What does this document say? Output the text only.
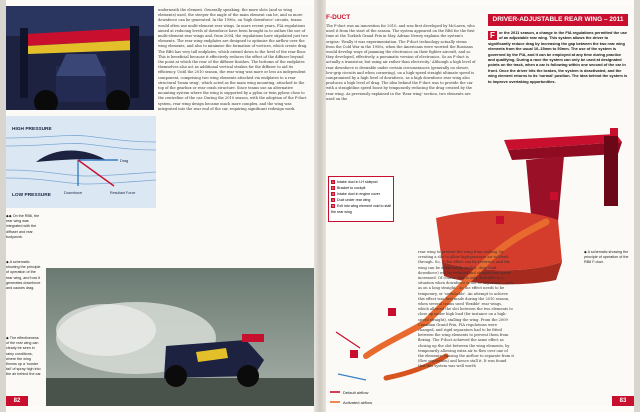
underneath the element. Generally speaking, the more slots (and so wing elements) used, the steeper the angle of the main element can be, and so more downforce can be generated. In the 1990s, on 'high downforce' circuits, teams would often use multi-element rear wings. In more recent years, FIA regulations aimed at reducing levels of downforce have been brought in to outlaw the use of multi-element rear wings and, from 2004, the regulations have stipulated just two elements. The rear wing endplates are designed to optimise the airflow over the wing elements, and also to minimise the formation of vortices, which create drag. The RB6 has very tall endplates, which extend down to the level of the rear floor. This is beneficial because it effectively reduces the effect of the diffuser beyond the point at which the rear of the diffuser finishes. The bottoms of the endplates themselves also act as additional vertical strakes for the diffuser to aid its efficiency. Until the 2010 season, the rear wing was more or less an independent component, comprising two wing elements attached via endplates to a rear structural 'beam wing', which acted as the main wing mounting, attached to the top of the gearbox or rear crash structure. Since teams use an alternative mounting system where the wing is supported by a pylon or twin pylons close to the centreline of the car. During the 2010 season, with the adoption of the F-duct system, rear wing design became much more complex, and the wing was integrated into the rear end of the car, requiring significant redesign work.
HIGH PRESSURE
LOW PRESSURE
Drag
Downforce	Resultant Force
◆◆ On the RB6, the rear wing was integrated with the diffuser and rear bodywork.
◆ A schematic showing the principle of operation of the rear wing, and how it generates downforce and causes drag.
◆ The effectiveness of the rear wing can clearly be seen in rainy conditions, where the wing throws up a 'rooster tail' of spray high into the air behind the car.
82
F-DUCT
The F-duct was an innovation for 2010, and was first developed by McLaren, who used it from the start of the season. The system appeared on the RB6 for the first time at the Turkish Grand Prix in May. Adrian Newey explains the system's origins: 'Really it was experimentation. The F-duct technology actually stems from the Cold War in the 1950s, when the Americans were worried the Russians would develop ways of jamming the electronics on their fighter aircraft, and so they developed, effectively, a pneumatic version of electronics. So an F-duct is actually a transistor, but using air rather than electricity.' Although a high level of rear downforce is desirable under certain circumstances (generally on slower, low-grip circuits and when cornering), on a high-speed straight ultimate speed is compromised by a high level of downforce, as a high downforce rear wing also produces a high level of drag. The idea behind the F-duct was to provide the car with a straightline speed boost by temporarily reducing the drag created by the rear wing. As previously explained in the 'Rear wing' section, two elements are used on the
DRIVER-ADJUSTABLE REAR WING – 2011
F	or the 2011 season, a change in the FIA regulations permitted the use of an adjustable rear wing. This system allows the driver to significantly reduce drag by increasing the gap between the two rear wing elements from the usual 10–15mm to 50mm. The use of the system is governed by the FIA, and it can be employed at any time during practice and qualifying. During a race the system can only be used at designated points on the track, when a car is following within one second of the car in front. Once the driver hits the brakes, the system is deactivated, and the wing element returns to its 'normal' position. The idea behind the system is to improve overtaking opportunities.
Default airflow
Activated airflow
1 Intake duct in LH sidepod
2 Bracket to cockpit
3 Intake duct in engine cover
4 Duct under rear wing
5 Exit into wing element void to stall the rear wing
rear wing to prevent the wing from stalling, by creating a slot to allow high-pressure air to bleed through. So, if this effect can be reversed, and the wing can be deliberately stalled, drag (and downforce) will be reduced and straight-line speed increased. Of course, this is only desirable in a situation when downforce is not so important – such as on a long straight – so the effect needs to be temporary, or 'switchable'. An attempt to achieve this effect was first made during the 2010 season, when several teams used 'flexible' rear wings, which allowed the slot between the two elements to close up under high load (for instance on a high-speed straight), stalling the wing. From the 2009 Canadian Grand Prix, FIA regulations were changed, and rigid separators had to be fitted between the wing elements to prevent them from flexing. The F-duct achieved the same effect as closing up the slot between the wing elements, by temporarily allowing extra air to flow over one of the elements, causing the airflow to separate from it (flow separation) and hence stall it. It was found that this system was well worth
◆ A schematic showing the principle of operation of the RB6 F-duct.
83
